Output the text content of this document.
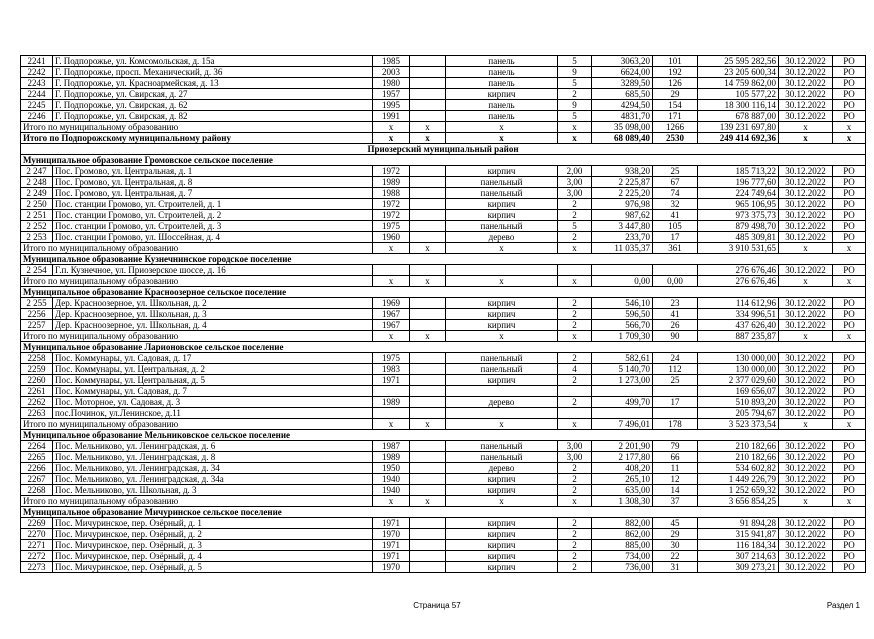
2241	Г. Подпорожье, ул. Комсомольская, д. 15а	1985		панель	5	3063,20	101	25 595 282,56	30.12.2022	РО
2242	Г. Подпорожье, просп. Механический, д. 36	2003		панель	9	6624,00	192	23 205 600,34	30.12.2022	РО
2243	Г. Подпорожье, ул. Красноармейская, д. 13	1980		панель	5	3289,50	126	14 759 862,00	30.12.2022	РО
2244	Г. Подпорожье, ул. Свирская, д. 27	1957		кирпич	2	685,50	29	105 577,22	30.12.2022	РО
2245	Г. Подпорожье, ул. Свирская, д. 62	1995		панель	9	4294,50	154	18 300 116,14	30.12.2022	РО
2246	Г. Подпорожье, ул. Свирская, д. 82	1991		панель	5	4831,70	171	678 887,00	30.12.2022	РО
Итого по муниципальному образованию		х	х	х	х	35 098,00	1266	139 231 697,80	х	х
Итого по Подпорожскому муниципальному району		х	х	х	х	68 089,40	2530	249 414 692,36	х	х
Приозерский муниципальный район										
Муниципальное образование Громовское сельское поселение										
2 247	Пос. Громово, ул. Центральная, д. 1	1972		кирпич	2,00	938,20	25	185 713,22	30.12.2022	РО
2 248	Пос. Громово, ул. Центральная, д. 8	1989		панельный	3,00	2 225,87	67	196 777,60	30.12.2022	РО
2 249	Пос. Громово, ул. Центральная, д. 7	1988		панельный	3,00	2 225,20	74	224 749,64	30.12.2022	РО
2 250	Пос. станции Громово, ул. Строителей, д. 1	1972		кирпич	2	976,98	32	965 106,95	30.12.2022	РО
2 251	Пос. станции Громово, ул. Строителей, д. 2	1972		кирпич	2	987,62	41	973 375,73	30.12.2022	РО
2 252	Пос. станции Громово, ул. Строителей, д. 3	1975		панельный	5	3 447,80	105	879 498,70	30.12.2022	РО
2 253	Пос. станции Громово, ул. Шоссейная, д. 4	1960		дерево	2	233,70	17	485 309,81	30.12.2022	РО
Итого по муниципальному образованию		х	х	х	х	11 035,37	361	3 910 531,65	х	х
Муниципальное образование Кузнечнинское городское поселение										
2 254	Г.п. Кузнечное, ул. Приозерское шоссе, д. 16							276 676,46	30.12.2022	РО
Итого по муниципальному образованию		х	х	х	х	0,00	0,00	276 676,46	х	х
Муниципальное образование Красноозерное сельское поселение										
2 255	Дер. Красноозерное, ул. Школьная, д. 2	1969		кирпич	2	546,10	23	114 612,96	30.12.2022	РО
2256	Дер. Красноозерное, ул. Школьная, д. 3	1967		кирпич	2	596,50	41	334 996,51	30.12.2022	РО
2257	Дер. Красноозерное, ул. Школьная, д. 4	1967		кирпич	2	566,70	26	437 626,40	30.12.2022	РО
Итого по муниципальному образованию		х	х	х	х	1 709,30	90	887 235,87	х	х
Муниципальное образование Ларионовское сельское поселение										
2258	Пос. Коммунары, ул. Садовая, д. 17	1975		панельный	2	582,61	24	130 000,00	30.12.2022	РО
2259	Пос. Коммунары, ул. Центральная, д. 2	1983		панельный	4	5 140,70	112	130 000,00	30.12.2022	РО
2260	Пос. Коммунары, ул. Центральная, д. 5	1971		кирпич	2	1 273,00	25	2 377 029,60	30.12.2022	РО
2261	Пос. Коммунары, ул. Садовая, д. 7							169 656,07	30.12.2022	РО
2262	Пос. Моторное, ул. Садовая, д. 3	1989		дерево	2	499,70	17	510 893,20	30.12.2022	РО
2263	пос.Починок, ул.Ленинское, д.11							205 794,67	30.12.2022	РО
Итого по муниципальному образованию		х	х	х	х	7 496,01	178	3 523 373,54	х	х
Муниципальное образование Мельниковское сельское поселение										
2264	Пос. Мельниково, ул. Ленинградская, д. 6	1987		панельный	3,00	2 201,90	79	210 182,66	30.12.2022	РО
2265	Пос. Мельниково, ул. Ленинградская, д. 8	1989		панельный	3,00	2 177,80	66	210 182,66	30.12.2022	РО
2266	Пос. Мельниково, ул. Ленинградская, д. 34	1950		дерево	2	408,20	11	534 602,82	30.12.2022	РО
2267	Пос. Мельниково, ул. Ленинградская, д. 34а	1940		кирпич	2	265,10	12	1 449 226,79	30.12.2022	РО
2268	Пос. Мельниково, ул. Школьная, д. 3	1940		кирпич	2	635,00	14	1 252 659,32	30.12.2022	РО
Итого по муниципальному образованию		х	х	х	х	1 308,30	37	3 656 854,25	х	х
Муниципальное образование Мичуринское сельское поселение										
2269	Пос. Мичуринское, пер. Озёрный, д. 1	1971		кирпич	2	882,00	45	91 894,28	30.12.2022	РО
2270	Пос. Мичуринское, пер. Озёрный, д. 2	1970		кирпич	2	862,00	29	315 941,87	30.12.2022	РО
2271	Пос. Мичуринское, пер. Озёрный, д. 3	1971		кирпич	2	885,00	30	116 184,34	30.12.2022	РО
2272	Пос. Мичуринское, пер. Озёрный, д. 4	1971		кирпич	2	734,00	22	307 214,63	30.12.2022	РО
2273	Пос. Мичуринское, пер. Озёрный, д. 5	1970		кирпич	2	736,00	31	309 273,21	30.12.2022	РО
Страница 57	Раздел 1
